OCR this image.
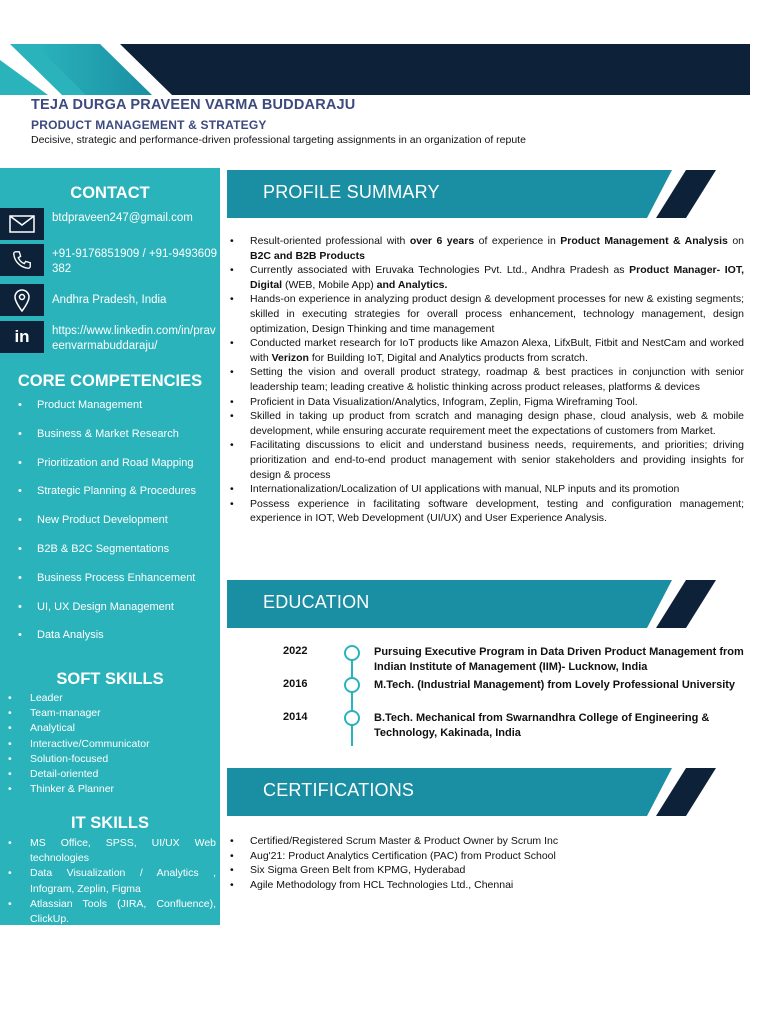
TEJA DURGA PRAVEEN VARMA BUDDARAJU
PRODUCT MANAGEMENT & STRATEGY
Decisive, strategic and performance-driven professional targeting assignments in an organization of repute
CONTACT
btdpraveen247@gmail.com
+91-9176851909 / +91-9493609382
Andhra Pradesh, India
in https://www.linkedin.com/in/praveenvarmabuddaraju/
CORE COMPETENCIES
• Product Management
• Business & Market Research
• Prioritization and Road Mapping
• Strategic Planning & Procedures
• New Product Development
• B2B & B2C Segmentations
• Business Process Enhancement
• UI, UX Design Management
• Data Analysis
SOFT SKILLS
• Leader
• Team-manager
• Analytical
• Interactive/Communicator
• Solution-focused
• Detail-oriented
• Thinker & Planner
IT SKILLS
• MS Office, SPSS, UI/UX Web technologies
• Data Visualization / Analytics , Infogram, Zeplin, Figma
• Atlassian Tools (JIRA, Confluence), ClickUp.
PROFILE SUMMARY
• Result-oriented professional with over 6 years of experience in Product Management & Analysis on B2C and B2B Products
• Currently associated with Eruvaka Technologies Pvt. Ltd., Andhra Pradesh as Product Manager- IOT, Digital (WEB, Mobile App) and Analytics.
• Hands-on experience in analyzing product design & development processes for new & existing segments; skilled in executing strategies for overall process enhancement, technology management, design optimization, Design Thinking and time management
• Conducted market research for IoT products like Amazon Alexa, LifxBult, Fitbit and NestCam and worked with Verizon for Building IoT, Digital and Analytics products from scratch.
• Setting the vision and overall product strategy, roadmap & best practices in conjunction with senior leadership team; leading creative & holistic thinking across product releases, platforms & devices
• Proficient in Data Visualization/Analytics, Infogram, Zeplin, Figma Wireframing Tool.
• Skilled in taking up product from scratch and managing design phase, cloud analysis, web & mobile development, while ensuring accurate requirement meet the expectations of customers from Market.
• Facilitating discussions to elicit and understand business needs, requirements, and priorities; driving prioritization and end-to-end product management with senior stakeholders and providing insights for design & process
• Internationalization/Localization of UI applications with manual, NLP inputs and its promotion
• Possess experience in facilitating software development, testing and configuration management; experience in IOT, Web Development (UI/UX) and User Experience Analysis.
EDUCATION
2022	Pursuing Executive Program in Data Driven Product Management from Indian Institute of Management (IIM)- Lucknow, India
2016	M.Tech. (Industrial Management) from Lovely Professional University
2014	B.Tech. Mechanical from Swarnandhra College of Engineering & Technology, Kakinada, India
CERTIFICATIONS
• Certified/Registered Scrum Master & Product Owner by Scrum Inc
• Aug'21: Product Analytics Certification (PAC) from Product School
• Six Sigma Green Belt from KPMG, Hyderabad
• Agile Methodology from HCL Technologies Ltd., Chennai
